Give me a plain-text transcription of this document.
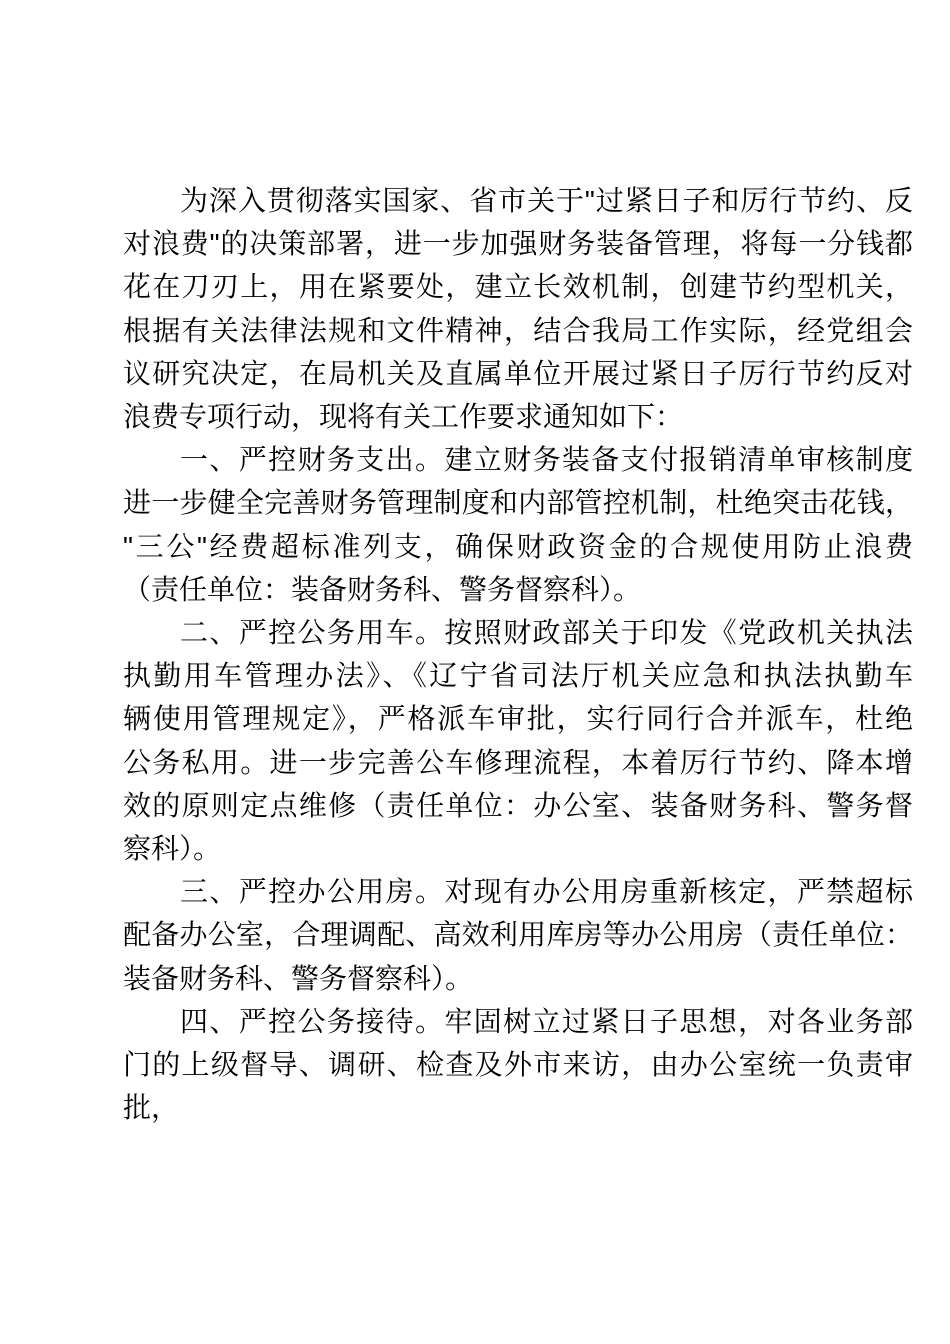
为深入贯彻落实国家、省市关于"过紧日子和厉行节约、反
对浪费"的决策部署，进一步加强财务装备管理，将每一分钱都
花在刀刃上，用在紧要处，建立长效机制，创建节约型机关，
根据有关法律法规和文件精神，结合我局工作实际，经党组会
议研究决定，在局机关及直属单位开展过紧日子厉行节约反对
浪费专项行动，现将有关工作要求通知如下：
一、严控财务支出。建立财务装备支付报销清单审核制度
进一步健全完善财务管理制度和内部管控机制，杜绝突击花钱，
"三公"经费超标准列支，确保财政资金的合规使用防止浪费
（责任单位：装备财务科、警务督察科）。
二、严控公务用车。按照财政部关于印发《党政机关执法
执勤用车管理办法》、《辽宁省司法厅机关应急和执法执勤车
辆使用管理规定》，严格派车审批，实行同行合并派车，杜绝
公务私用。进一步完善公车修理流程，本着厉行节约、降本增
效的原则定点维修（责任单位：办公室、装备财务科、警务督
察科）。
三、严控办公用房。对现有办公用房重新核定，严禁超标
配备办公室，合理调配、高效利用库房等办公用房（责任单位：
装备财务科、警务督察科）。
四、严控公务接待。牢固树立过紧日子思想，对各业务部
门的上级督导、调研、检查及外市来访，由办公室统一负责审
批，
